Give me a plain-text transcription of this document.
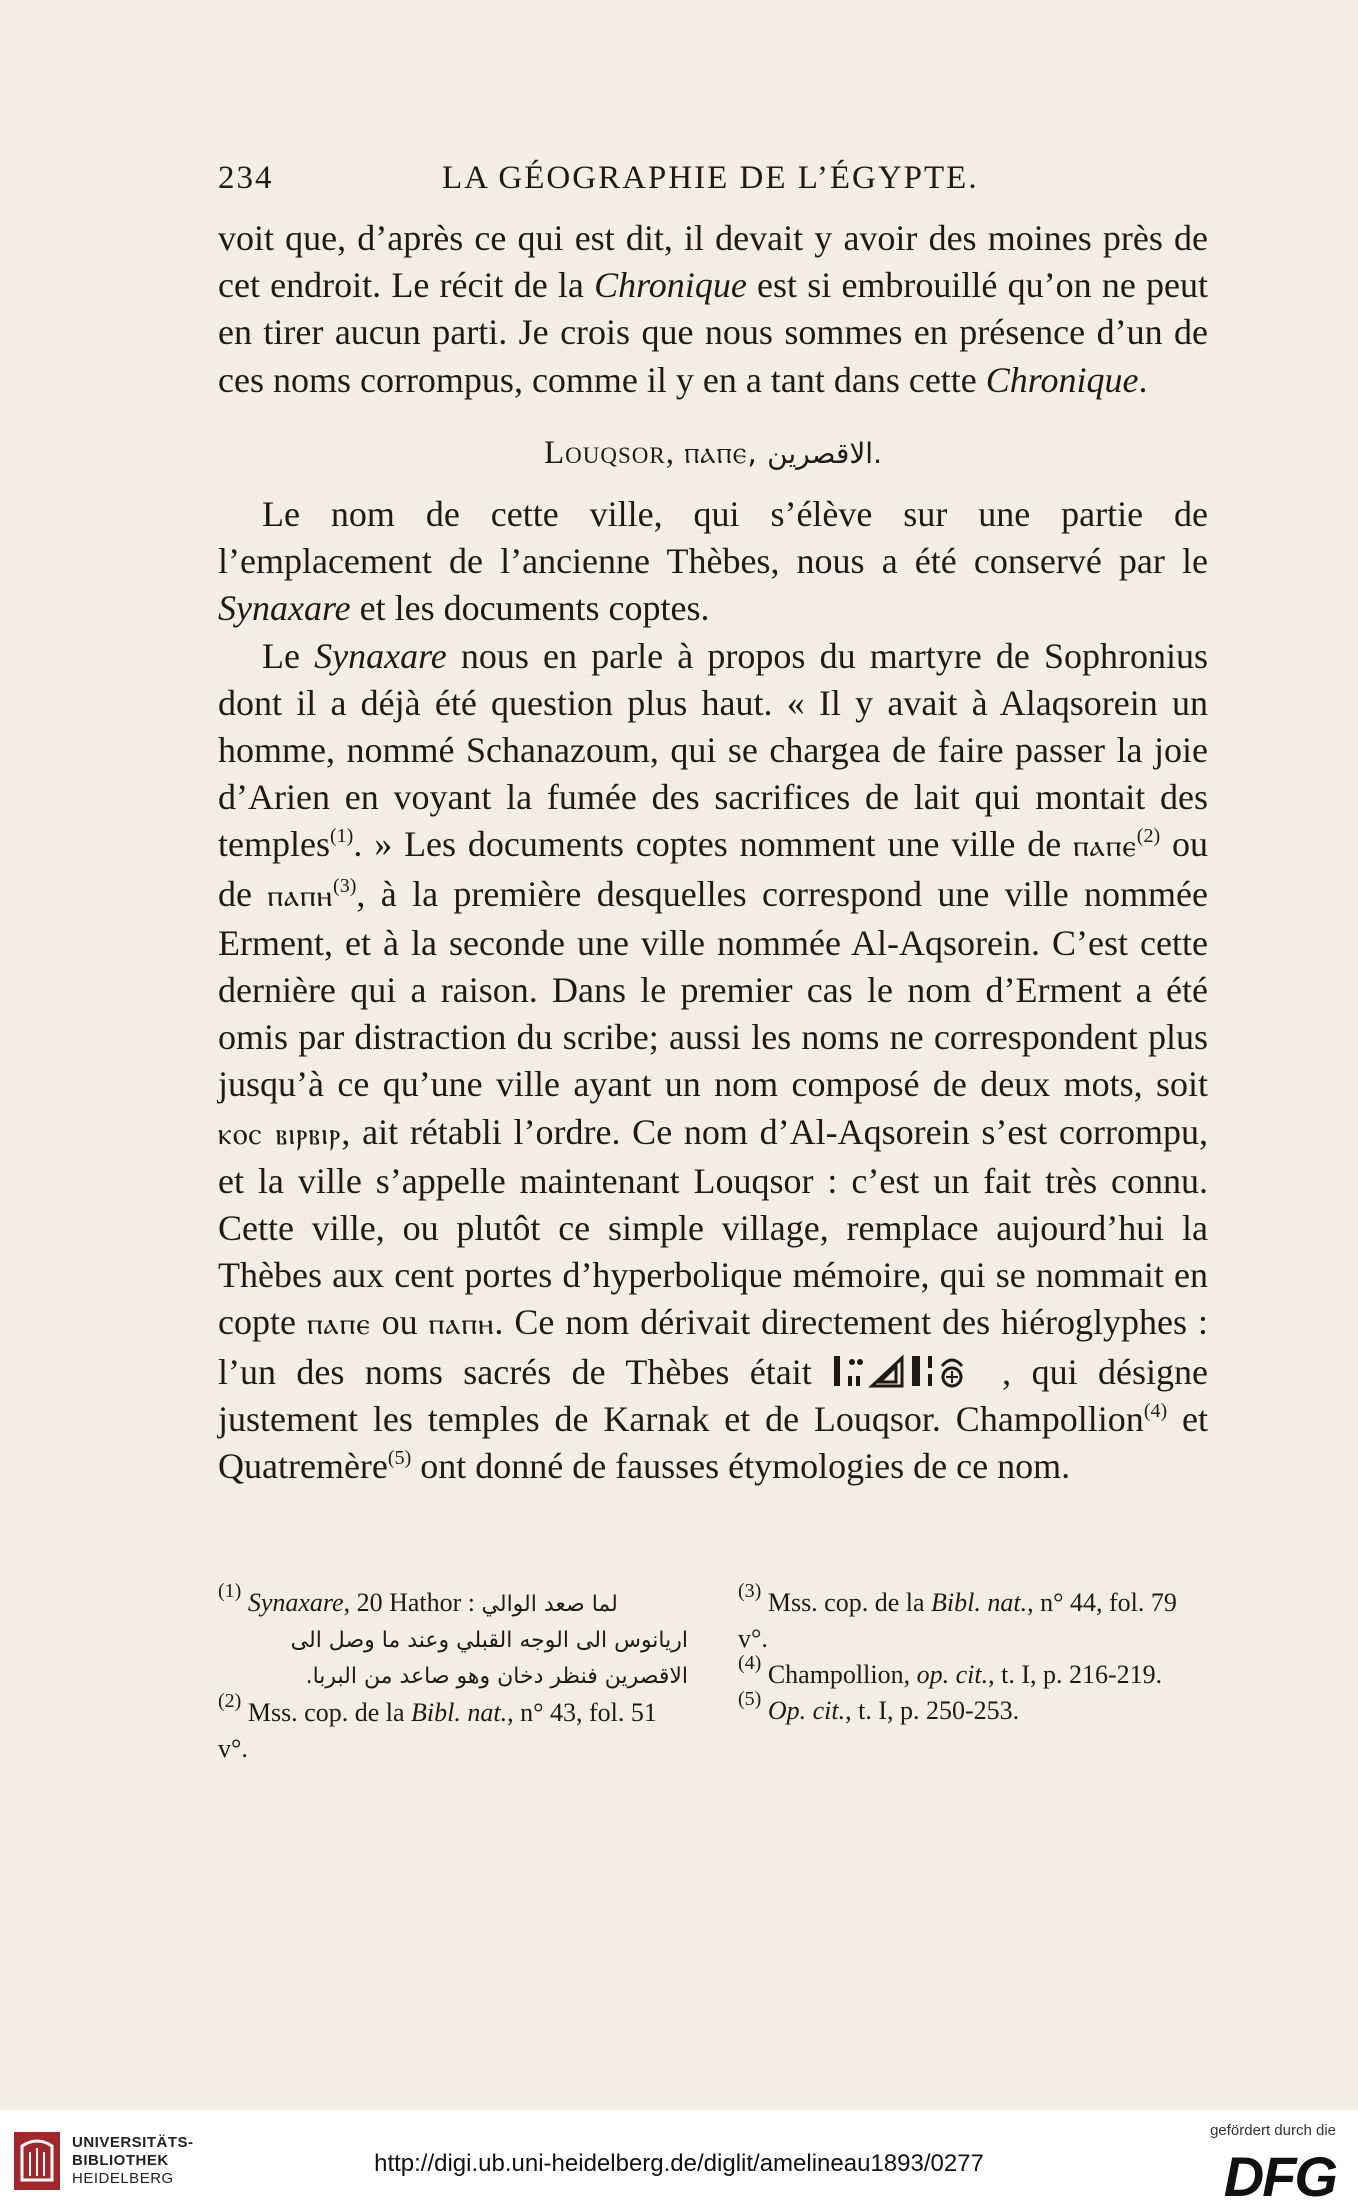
234	LA GÉOGRAPHIE DE L’ÉGYPTE.

voit que, d’après ce qui est dit, il devait y avoir des moines près de cet endroit. Le récit de la Chronique est si embrouillé qu’on ne peut en tirer aucun parti. Je crois que nous sommes en présence d’un de ces noms corrompus, comme il y en a tant dans cette Chronique.

Louqsor, ⲡⲁⲡⲉ, الاقصرين.

Le nom de cette ville, qui s’élève sur une partie de l’emplacement de l’ancienne Thèbes, nous a été conservé par le Synaxare et les documents coptes.

Le Synaxare nous en parle à propos du martyre de Sophronius dont il a déjà été question plus haut. « Il y avait à Alaqsorein un homme, nommé Schanazoum, qui se chargea de faire passer la joie d’Arien en voyant la fumée des sacrifices de lait qui montait des temples$^{(1)}$. » Les documents coptes nomment une ville de ⲡⲁⲡⲉ$^{(2)}$ ou de ⲡⲁⲡⲏ$^{(3)}$, à la première desquelles correspond une ville nommée Erment, et à la seconde une ville nommée Al-Aqsorein. C’est cette dernière qui a raison. Dans le premier cas le nom d’Erment a été omis par distraction du scribe; aussi les noms ne correspondent plus jusqu’à ce qu’une ville ayant un nom composé de deux mots, soit ⲕⲟⲥ ⲃⲓⲣⲃⲓⲣ, ait rétabli l’ordre. Ce nom d’Al-Aqsorein s’est corrompu, et la ville s’appelle maintenant Louqsor : c’est un fait très connu. Cette ville, ou plutôt ce simple village, remplace aujourd’hui la Thèbes aux cent portes d’hyperbolique mémoire, qui se nommait en copte ⲡⲁⲡⲉ ou ⲡⲁⲡⲏ. Ce nom dérivait directement des hiéroglyphes : l’un des noms sacrés de Thèbes était	, qui désigne justement les temples de Karnak et de Louqsor. Champollion$^{(4)}$ et Quatremère$^{(5)}$ ont donné de fausses étymologies de ce nom.

$^{(1)}$ Synaxare, 20 Hathor : لما صعد الوالي
اريانوس الى الوجه القبلي وعند ما وصل الى
الاقصرين فنظر دخان وهو صاعد من البربا.
$^{(2)}$ Mss. cop. de la Bibl. nat., n° 43, fol. 51 v°.
$^{(3)}$ Mss. cop. de la Bibl. nat., n° 44, fol. 79 v°.
$^{(4)}$ Champollion, op. cit., t. I, p. 216-219.
$^{(5)}$ Op. cit., t. I, p. 250-253.
UNIVERSITÄTS-
BIBLIOTHEK
HEIDELBERG
http://digi.ub.uni-heidelberg.de/diglit/amelineau1893/0277
gefördert durch die
DFG
